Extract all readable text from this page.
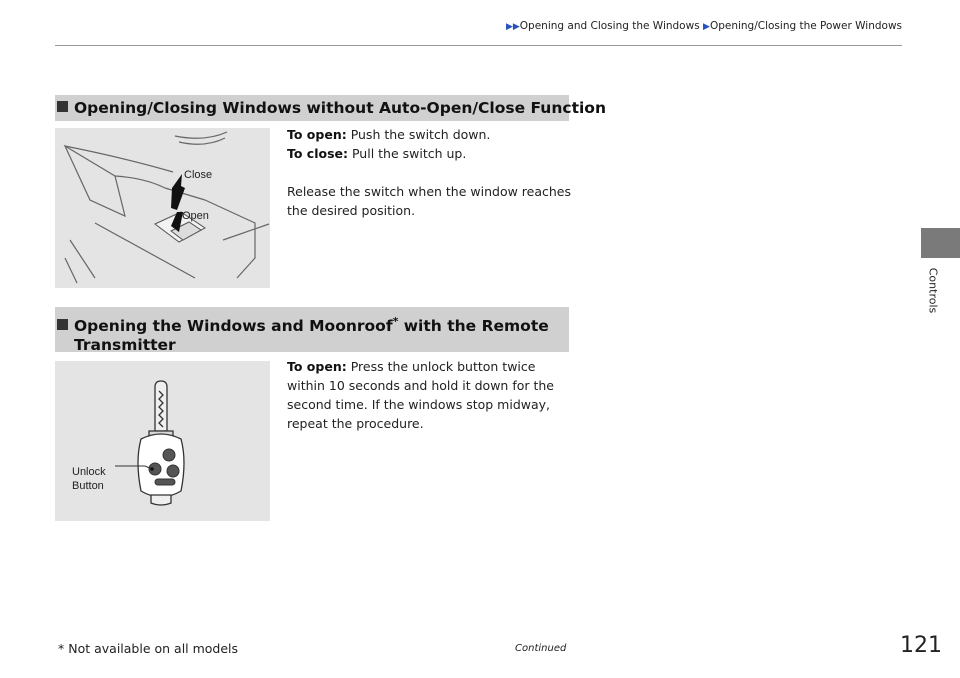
▶▶Opening and Closing the Windows ▶Opening/Closing the Power Windows
Controls
Opening/Closing Windows without Auto-Open/Close Function
Close
Open
To open: Push the switch down.
To close: Pull the switch up.
Release the switch when the window reaches
the desired position.
Opening the Windows and Moonroof* with the Remote
Transmitter
Unlock
Button
To open: Press the unlock button twice
within 10 seconds and hold it down for the
second time. If the windows stop midway,
repeat the procedure.
* Not available on all models	Continued	121
